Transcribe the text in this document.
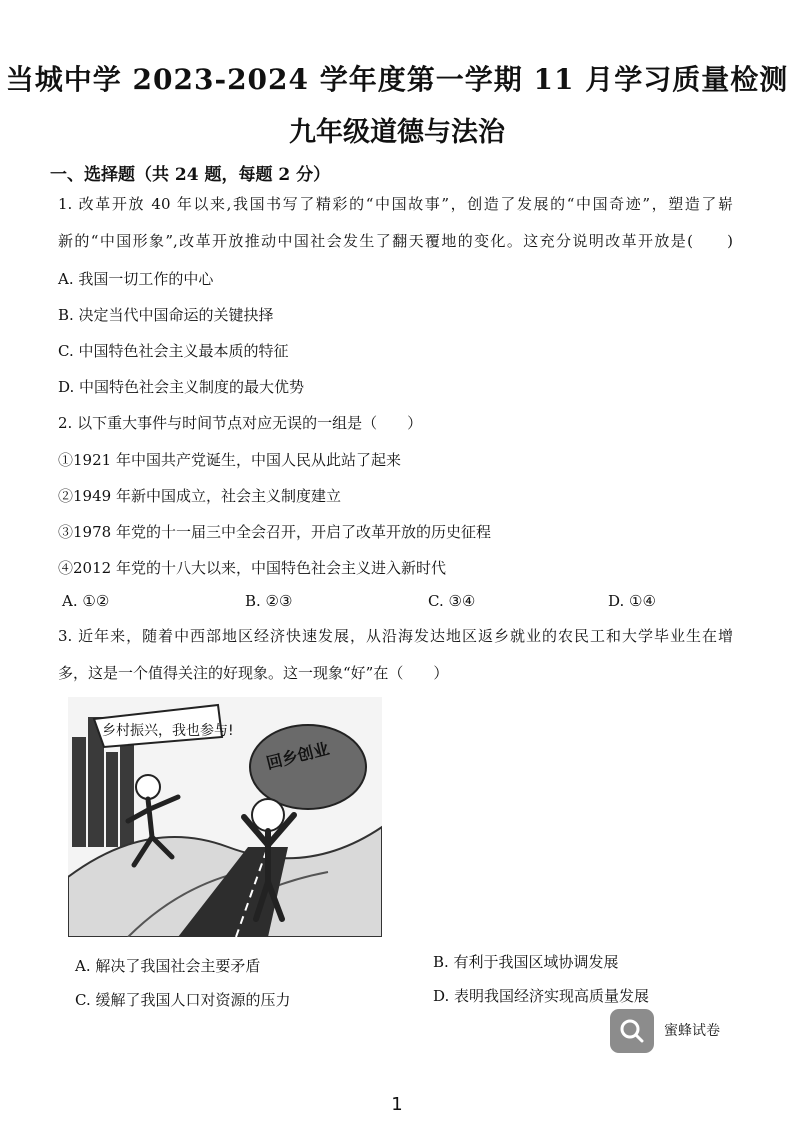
当城中学 2023-2024 学年度第一学期 11 月学习质量检测
九年级道德与法治
一、选择题（共 24 题，每题 2 分）
1. 改革开放 40 年以来,我国书写了精彩的“中国故事”，创造了发展的“中国奇迹”，塑造了崭
新的“中国形象”,改革开放推动中国社会发生了翻天覆地的变化。这充分说明改革开放是(　　)
A. 我国一切工作的中心
B. 决定当代中国命运的关键抉择
C. 中国特色社会主义最本质的特征
D. 中国特色社会主义制度的最大优势
2. 以下重大事件与时间节点对应无误的一组是（　　）
①1921 年中国共产党诞生，中国人民从此站了起来
②1949 年新中国成立，社会主义制度建立
③1978 年党的十一届三中全会召开，开启了改革开放的历史征程
④2012 年党的十八大以来，中国特色社会主义进入新时代
A. ①②	B. ②③	C. ③④	D. ①④
3. 近年来，随着中西部地区经济快速发展，从沿海发达地区返乡就业的农民工和大学毕业生在增
多，这是一个值得关注的好现象。这一现象“好”在（　　）
乡村振兴，我也参与!
回乡创业
A. 解决了我国社会主要矛盾	B. 有利于我国区域协调发展
C. 缓解了我国人口对资源的压力	D. 表明我国经济实现高质量发展
蜜蜂试卷
1
